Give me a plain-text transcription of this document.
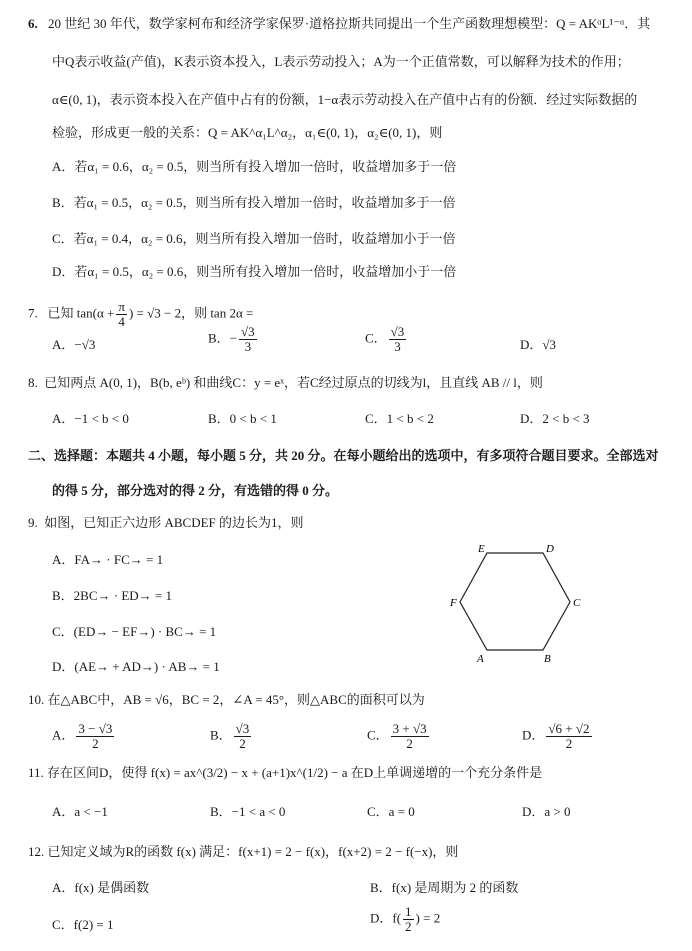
6. 20 世纪 30 年代，数学家柯布和经济学家保罗·道格拉斯共同提出一个生产函数理想模型：Q = AKᵅL¹⁻ᵅ．其
中Q表示收益(产值)，K表示资本投入，L表示劳动投入；A为一个正值常数，可以解释为技术的作用；
α∈(0, 1)，表示资本投入在产值中占有的份额，1−α表示劳动投入在产值中占有的份额．经过实际数据的
检验，形成更一般的关系：Q = AK^α₁L^α₂，α₁∈(0, 1)，α₂∈(0, 1)，则
A．若α₁ = 0.6，α₂ = 0.5，则当所有投入增加一倍时，收益增加多于一倍
B．若α₁ = 0.5，α₂ = 0.5，则当所有投入增加一倍时，收益增加多于一倍
C．若α₁ = 0.4，α₂ = 0.6，则当所有投入增加一倍时，收益增加小于一倍
D．若α₁ = 0.5，α₂ = 0.6，则当所有投入增加一倍时，收益增加小于一倍
7. 已知 $\tan(\alpha + \frac{\pi}{4}$ ) = √3 − 2，则 tan 2α =
A．−√3	B．− $\frac{√3}{3}$	C． $\frac{√3}{3}$	D．√3
8. 已知两点 A(0, 1)，B(b, eᵇ) 和曲线C：y = eˣ，若C经过原点的切线为l，且直线 AB // l，则
A．−1 < b < 0	B．0 < b < 1	C．1 < b < 2	D．2 < b < 3
二、选择题：本题共 4 小题，每小题 5 分，共 20 分。在每小题给出的选项中，有多项符合题目要求。全部选对
的得 5 分，部分选对的得 2 分，有选错的得 0 分。
9. 如图，已知正六边形 ABCDEF 的边长为1，则
A．FA→ · FC→ = 1
B．2BC→ · ED→ = 1
C．(ED→ − EF→) · BC→ = 1
D．(AE→ + AD→) · AB→ = 1
E	D
C
B
A
F
10. 在△ABC中，AB = √6，BC = 2，∠A = 45°，则△ABC的面积可以为
A． $\frac{3 - √3}{2}$	B． $\frac{√3}{2}$	C． $\frac{3 + √3}{2}$	D． $\frac{√6 + √2}{2}$
11. 存在区间D，使得 f(x) = ax^(3/2) − x + (a+1)x^(1/2) − a 在D上单调递增的一个充分条件是
A．a < −1	B．−1 < a < 0	C．a = 0	D．a > 0
12. 已知定义域为R的函数 f(x) 满足：f(x+1) = 2 − f(x)，f(x+2) = 2 − f(−x)，则
A．f(x) 是偶函数	B．f(x) 是周期为 2 的函数
C．f(2) = 1	D．$f( \frac{1}{2}$ ) = 2
